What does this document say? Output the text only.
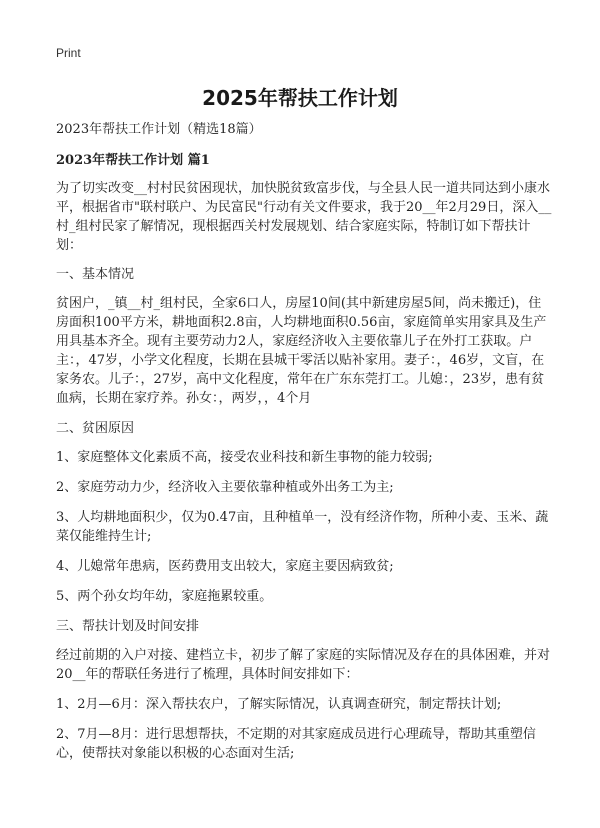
Print
2025年帮扶工作计划

2023年帮扶工作计划（精选18篇）

2023年帮扶工作计划 篇1

为了切实改变__村村民贫困现状，加快脱贫致富步伐，与全县人民一道共同达到小康水平，根据省市"联村联户、为民富民"行动有关文件要求，我于20__年2月29日，深入__村_组村民家了解情况，现根据西关村发展规划、结合家庭实际，特制订如下帮扶计划：

一、基本情况

贫困户，_镇__村_组村民，全家6口人，房屋10间(其中新建房屋5间，尚未搬迁)，住房面积100平方米，耕地面积2.8亩，人均耕地面积0.56亩，家庭简单实用家具及生产用具基本齐全。现有主要劳动力2人，家庭经济收入主要依靠儿子在外打工获取。户主：，47岁，小学文化程度，长期在县城干零活以贴补家用。妻子：，46岁，文盲，在家务农。儿子：，27岁，高中文化程度，常年在广东东莞打工。儿媳：，23岁，患有贫血病，长期在家疗养。孙女：，两岁，，4个月

二、贫困原因

1、家庭整体文化素质不高，接受农业科技和新生事物的能力较弱;

2、家庭劳动力少，经济收入主要依靠种植或外出务工为主;

3、人均耕地面积少，仅为0.47亩，且种植单一，没有经济作物，所种小麦、玉米、蔬菜仅能维持生计;

4、儿媳常年患病，医药费用支出较大，家庭主要因病致贫;

5、两个孙女均年幼，家庭拖累较重。

三、帮扶计划及时间安排

经过前期的入户对接、建档立卡，初步了解了家庭的实际情况及存在的具体困难，并对20__年的帮联任务进行了梳理，具体时间安排如下：

1、2月—6月：深入帮扶农户，了解实际情况，认真调查研究，制定帮扶计划;

2、7月—8月：进行思想帮扶，不定期的对其家庭成员进行心理疏导，帮助其重塑信心，使帮扶对象能以积极的心态面对生活;
